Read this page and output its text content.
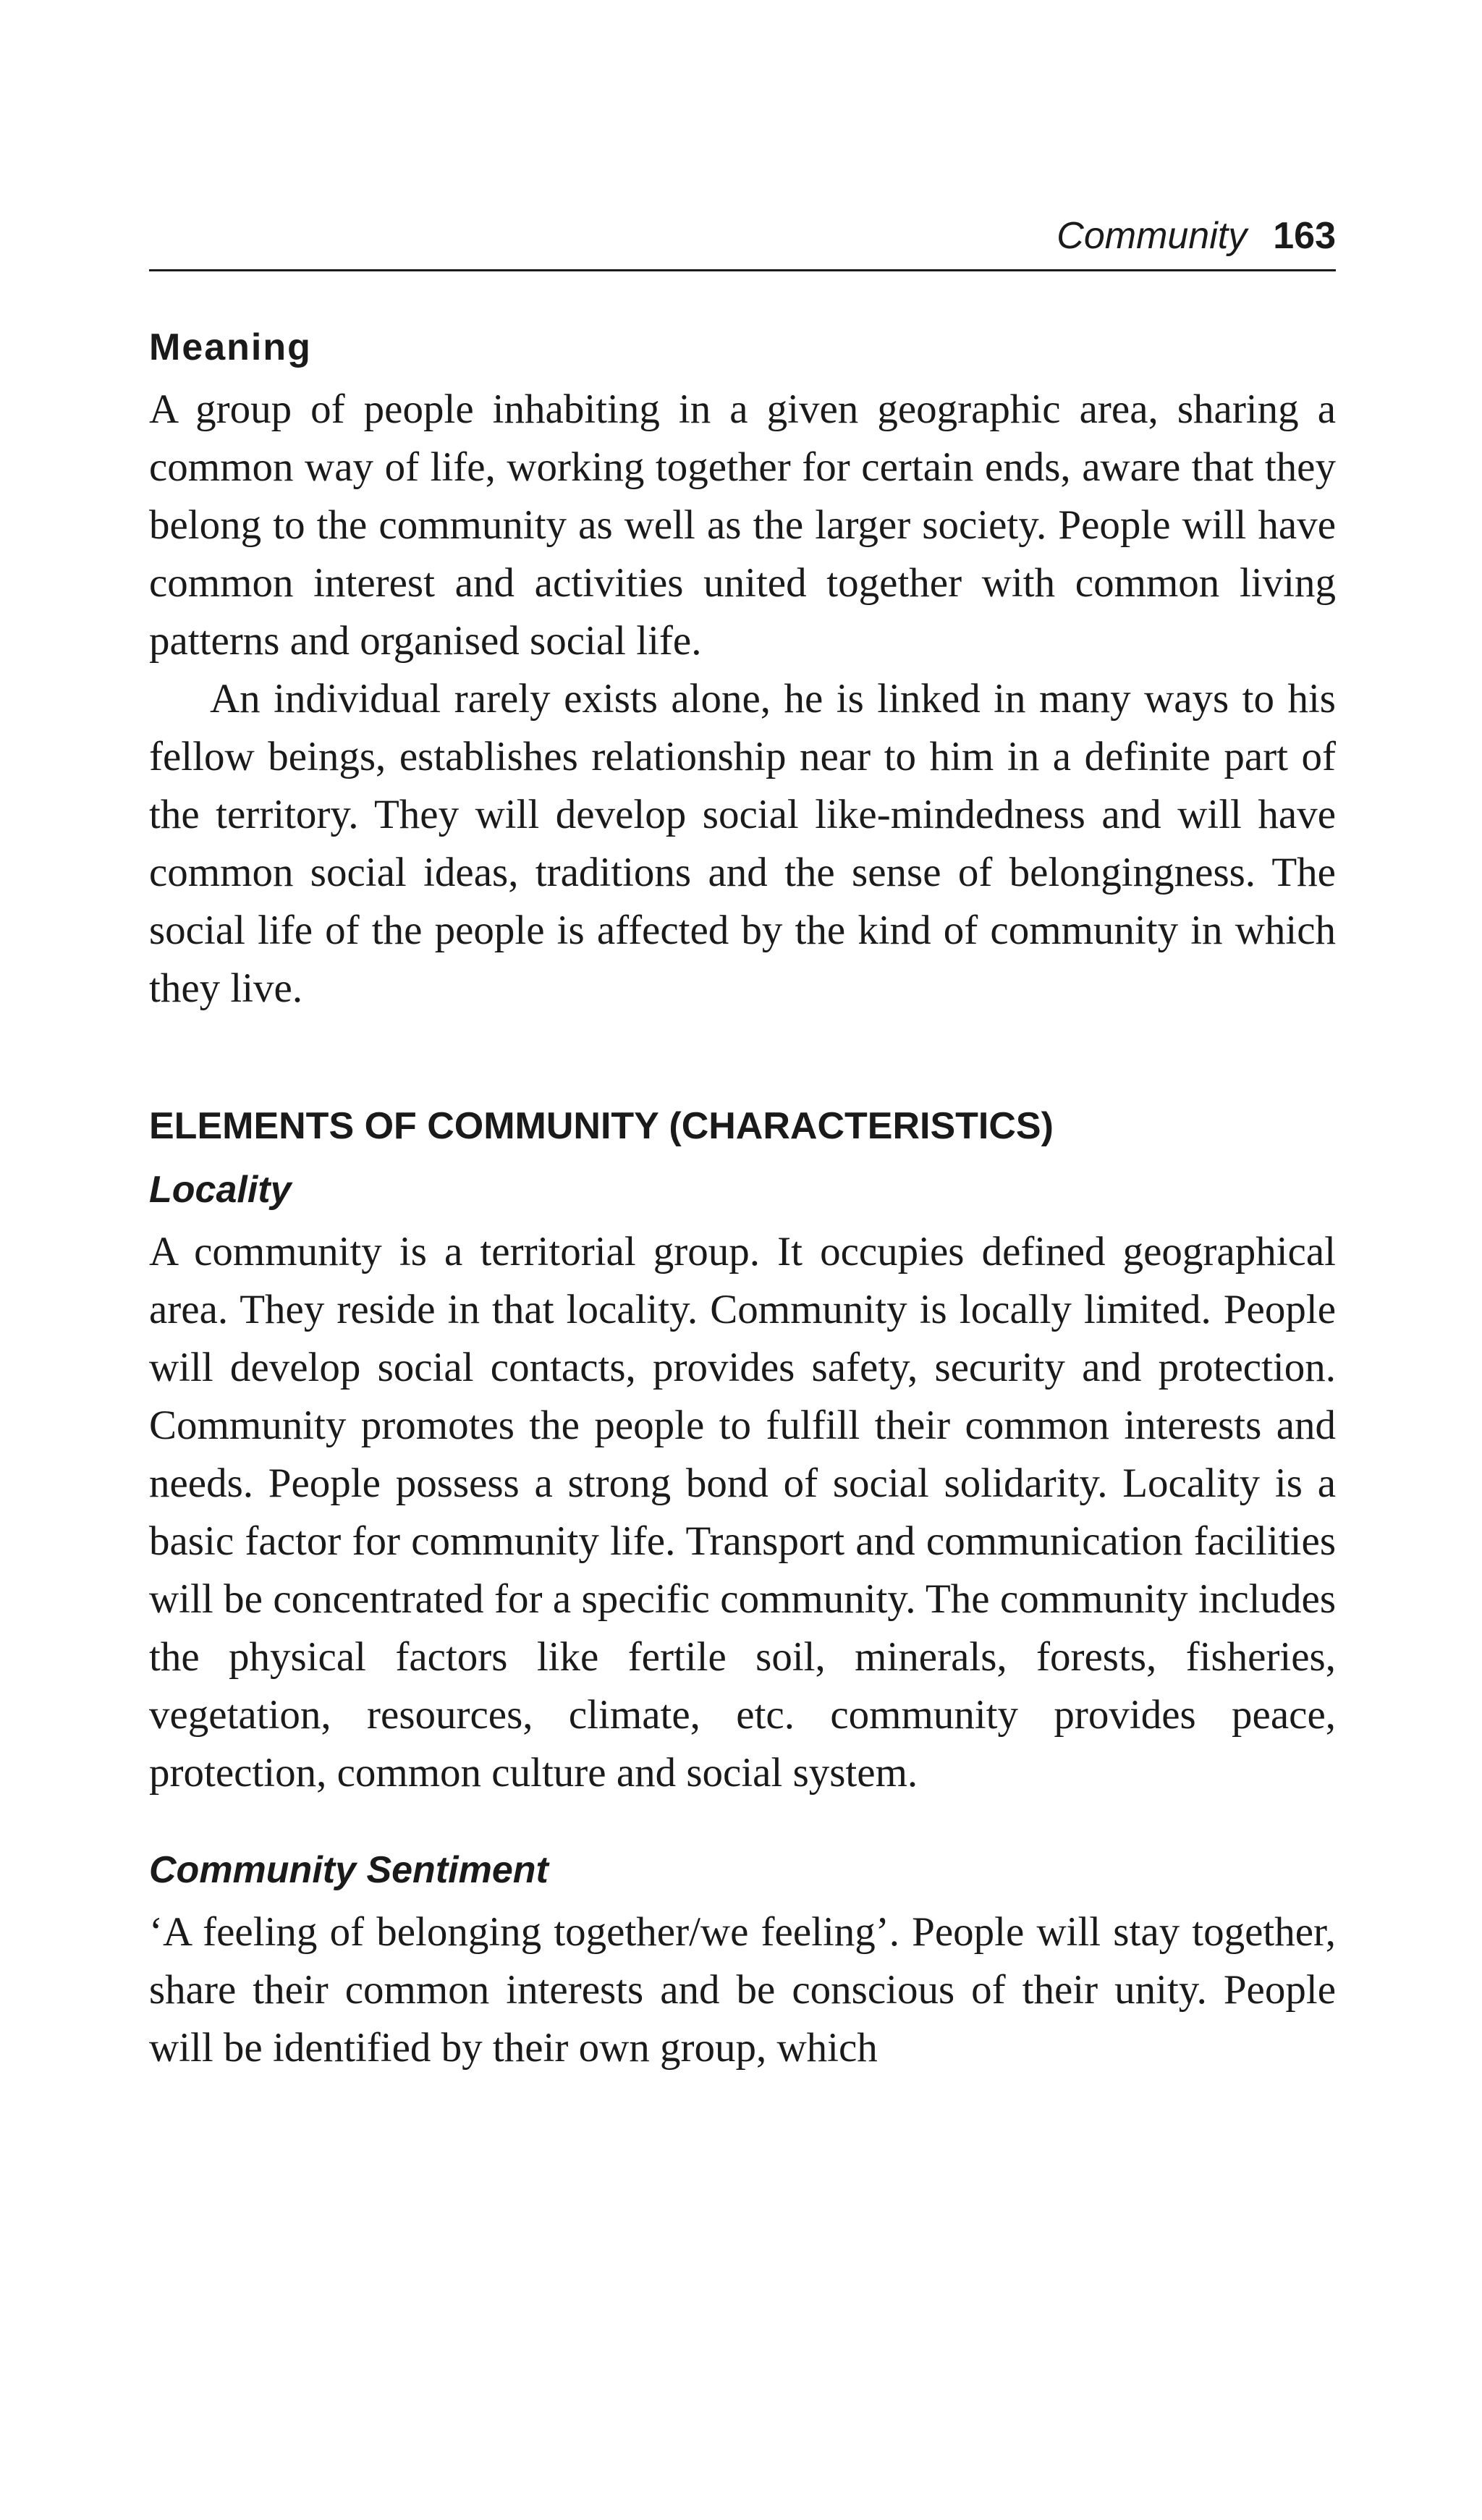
Community 163
Meaning

A group of people inhabiting in a given geographic area, sharing a common way of life, working together for certain ends, aware that they belong to the community as well as the larger society. People will have common interest and activities united together with common living patterns and organised social life.

An individual rarely exists alone, he is linked in many ways to his fellow beings, establishes relationship near to him in a definite part of the territory. They will develop social like-mindedness and will have common social ideas, traditions and the sense of belongingness. The social life of the people is affected by the kind of community in which they live.

ELEMENTS OF COMMUNITY (CHARACTERISTICS)
Locality

A community is a territorial group. It occupies defined geographical area. They reside in that locality. Community is locally limited. People will develop social contacts, provides safety, security and protection. Community promotes the people to fulfill their common interests and needs. People possess a strong bond of social solidarity. Locality is a basic factor for community life. Transport and communication facilities will be concentrated for a specific community. The community includes the physical factors like fertile soil, minerals, forests, fisheries, vegetation, resources, climate, etc. community provides peace, protection, common culture and social system.

Community Sentiment

‘A feeling of belonging together/we feeling’. People will stay together, share their common interests and be conscious of their unity. People will be identified by their own group, which
